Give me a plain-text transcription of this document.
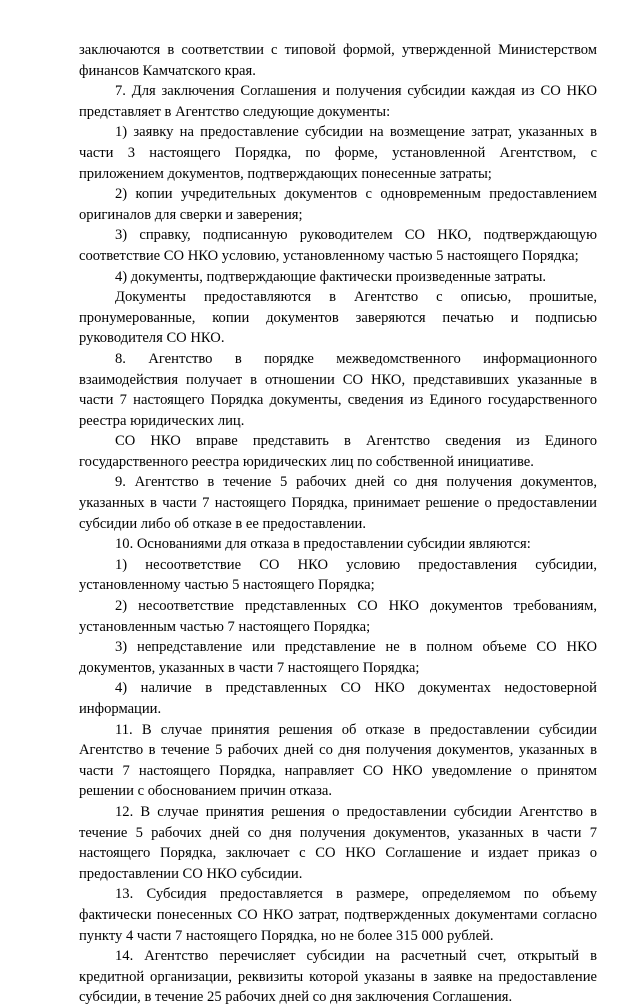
заключаются в соответствии с типовой формой, утвержденной Министерством финансов Камчатского края.

7. Для заключения Соглашения и получения субсидии каждая из СО НКО представляет в Агентство следующие документы:

1) заявку на предоставление субсидии на возмещение затрат, указанных в части 3 настоящего Порядка, по форме, установленной Агентством, с приложением документов, подтверждающих понесенные затраты;

2) копии учредительных документов с одновременным предоставлением оригиналов для сверки и заверения;

3) справку, подписанную руководителем СО НКО, подтверждающую соответствие СО НКО условию, установленному частью 5 настоящего Порядка;

4) документы, подтверждающие фактически произведенные затраты.

Документы предоставляются в Агентство с описью, прошитые, пронумерованные, копии документов заверяются печатью и подписью руководителя СО НКО.

8. Агентство в порядке межведомственного информационного взаимодействия получает в отношении СО НКО, представивших указанные в части 7 настоящего Порядка документы, сведения из Единого государственного реестра юридических лиц.

СО НКО вправе представить в Агентство сведения из Единого государственного реестра юридических лиц по собственной инициативе.

9. Агентство в течение 5 рабочих дней со дня получения документов, указанных в части 7 настоящего Порядка, принимает решение о предоставлении субсидии либо об отказе в ее предоставлении.

10. Основаниями для отказа в предоставлении субсидии являются:

1) несоответствие СО НКО условию предоставления субсидии, установленному частью 5 настоящего Порядка;

2) несоответствие представленных СО НКО документов требованиям, установленным частью 7 настоящего Порядка;

3) непредставление или представление не в полном объеме СО НКО документов, указанных в части 7 настоящего Порядка;

4) наличие в представленных СО НКО документах недостоверной информации.

11. В случае принятия решения об отказе в предоставлении субсидии Агентство в течение 5 рабочих дней со дня получения документов, указанных в части 7 настоящего Порядка, направляет СО НКО уведомление о принятом решении с обоснованием причин отказа.

12. В случае принятия решения о предоставлении субсидии Агентство в течение 5 рабочих дней со дня получения документов, указанных в части 7 настоящего Порядка, заключает с СО НКО Соглашение и издает приказ о предоставлении СО НКО субсидии.

13. Субсидия предоставляется в размере, определяемом по объему фактически понесенных СО НКО затрат, подтвержденных документами согласно пункту 4 части 7 настоящего Порядка, но не более 315 000 рублей.

14. Агентство перечисляет субсидии на расчетный счет, открытый в кредитной организации, реквизиты которой указаны в заявке на предоставление субсидии, в течение 25 рабочих дней со дня заключения Соглашения.
